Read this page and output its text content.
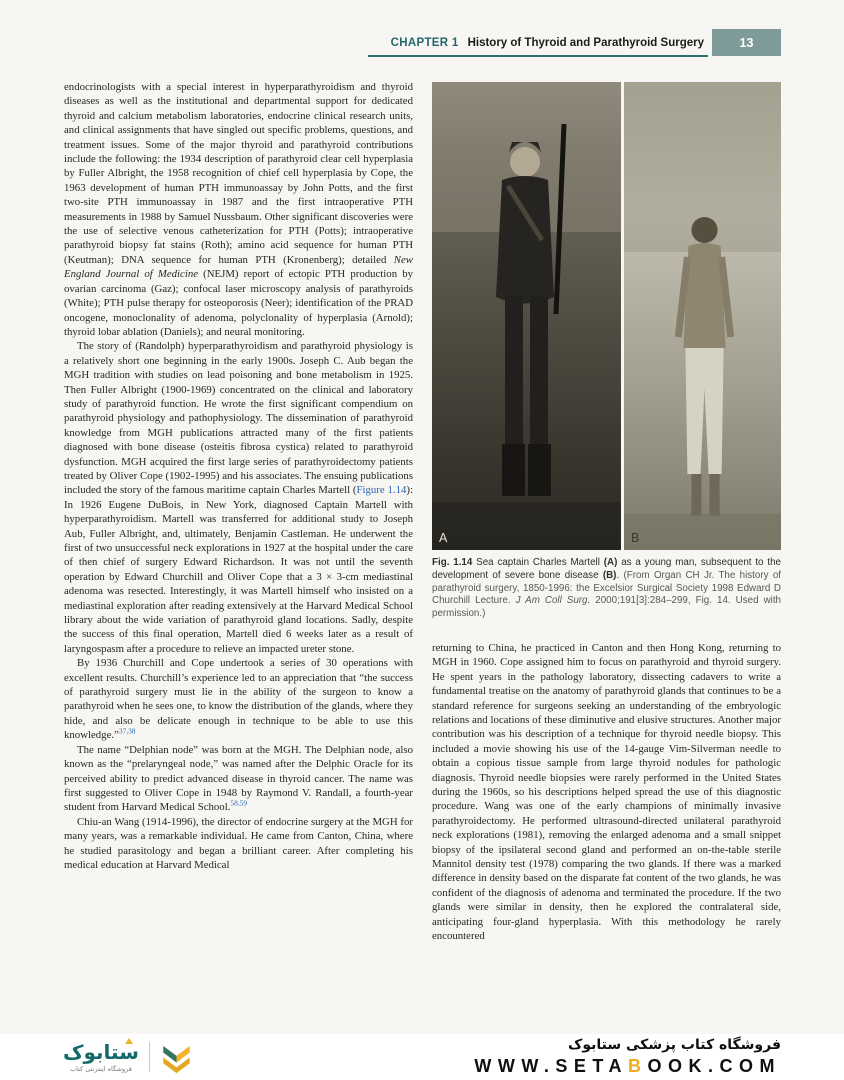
13
CHAPTER 1 History of Thyroid and Parathyroid Surgery

endocrinologists with a special interest in hyperparathyroidism and thyroid diseases as well as the institutional and departmental support for dedicated thyroid and calcium metabolism laboratories, endocrine clinical research units, and clinical assignments that have singled out specific problems, questions, and treatment issues. Some of the major thyroid and parathyroid contributions include the following: the 1934 description of parathyroid clear cell hyperplasia by Fuller Albright, the 1958 recognition of chief cell hyperplasia by Cope, the 1963 development of human PTH immunoassay by John Potts, and the first two-site PTH immunoassay in 1987 and the first intraoperative PTH measurements in 1988 by Samuel Nussbaum. Other significant discoveries were the use of selective venous catheterization for PTH (Potts); intraoperative parathyroid biopsy fat stains (Roth); amino acid sequence for human PTH (Keutman); DNA sequence for human PTH (Kronenberg); detailed New England Journal of Medicine (NEJM) report of ectopic PTH production by ovarian carcinoma (Gaz); confocal laser microscopy analysis of parathyroids (White); PTH pulse therapy for osteoporosis (Neer); identification of the PRAD oncogene, monoclonality of adenoma, polyclonality of hyperplasia (Arnold); thyroid lobar ablation (Daniels); and neural monitoring.

The story of (Randolph) hyperparathyroidism and parathyroid physiology is a relatively short one beginning in the early 1900s. Joseph C. Aub began the MGH tradition with studies on lead poisoning and bone metabolism in 1925. Then Fuller Albright (1900-1969) concentrated on the clinical and laboratory study of parathyroid function. He wrote the first significant compendium on parathyroid physiology and pathophysiology. The dissemination of parathyroid knowledge from MGH publications attracted many of the first patients diagnosed with bone disease (osteitis fibrosa cystica) related to parathyroid dysfunction. MGH acquired the first large series of parathyroidectomy patients treated by Oliver Cope (1902-1995) and his associates. The ensuing publications included the story of the famous maritime captain Charles Martell (Figure 1.14): In 1926 Eugene DuBois, in New York, diagnosed Captain Martell with hyperparathyroidism. Martell was transferred for additional study to Joseph Aub, Fuller Albright, and, ultimately, Benjamin Castleman. He underwent the first of two unsuccessful neck explorations in 1927 at the hospital under the care of then chief of surgery Edward Richardson. It was not until the seventh operation by Edward Churchill and Oliver Cope that a 3 × 3-cm mediastinal adenoma was resected. Interestingly, it was Martell himself who insisted on a mediastinal exploration after reading extensively at the Harvard Medical School library about the wide variation of parathyroid gland locations. Sadly, despite the success of this final operation, Martell died 6 weeks later as a result of laryngospasm after a procedure to relieve an impacted ureter stone.

By 1936 Churchill and Cope undertook a series of 30 operations with excellent results. Churchill’s experience led to an appreciation that “the success of parathyroid surgery must lie in the ability of the surgeon to know a parathyroid when he sees one, to know the distribution of the glands, where they hide, and also be delicate enough in technique to be able to use this knowledge.”$^{37,38}$

The name “Delphian node” was born at the MGH. The Delphian node, also known as the “prelaryngeal node,” was named after the Delphic Oracle for its perceived ability to predict advanced disease in thyroid cancer. The name was first suggested to Oliver Cope in 1948 by Raymond V. Randall, a fourth-year student from Harvard Medical School.$^{58,59}$

Chiu-an Wang (1914-1996), the director of endocrine surgery at the MGH for many years, was a remarkable individual. He came from Canton, China, where he studied parasitology and began a brilliant career. After completing his medical education at Harvard Medical

A	B
Fig. 1.14 Sea captain Charles Martell (A) as a young man, subsequent to the development of severe bone disease (B). (From Organ CH Jr. The history of parathyroid surgery, 1850-1996: the Excelsior Surgical Society 1998 Edward D Churchill Lecture. J Am Coll Surg. 2000;191[3]:284–299, Fig. 14. Used with permission.)

returning to China, he practiced in Canton and then Hong Kong, returning to MGH in 1960. Cope assigned him to focus on parathyroid and thyroid surgery. He spent years in the pathology laboratory, dissecting cadavers to write a fundamental treatise on the anatomy of parathyroid glands that continues to be a standard reference for surgeons seeking an understanding of the embryologic relations and locations of these diminutive and elusive structures. Another major contribution was his description of a technique for thyroid needle biopsy. This included a movie showing his use of the 14-gauge Vim-Silverman needle to obtain a copious tissue sample from large thyroid nodules for pathologic diagnosis. Thyroid needle biopsies were rarely performed in the United States during the 1960s, so his descriptions helped spread the use of this diagnostic procedure. Wang was one of the early champions of minimally invasive parathyroidectomy. He performed ultrasound-directed unilateral parathyroid neck explorations (1981), removing the enlarged adenoma and a small snippet biopsy of the ipsilateral second gland and performed an on-the-table sterile Mannitol density test (1978) comparing the two glands. If there was a marked difference in density based on the disparate fat content of the two glands, he was confident of the diagnosis of adenoma and terminated the procedure. If the two glands were similar in density, then he explored the contralateral side, anticipating four-gland hyperplasia. With this methodology he rarely encountered

ستابوک
فروشگاه اینترنتی کتاب
فروشگاه کتاب پزشکی ستابوک
WWW.SETABOOK.COM
